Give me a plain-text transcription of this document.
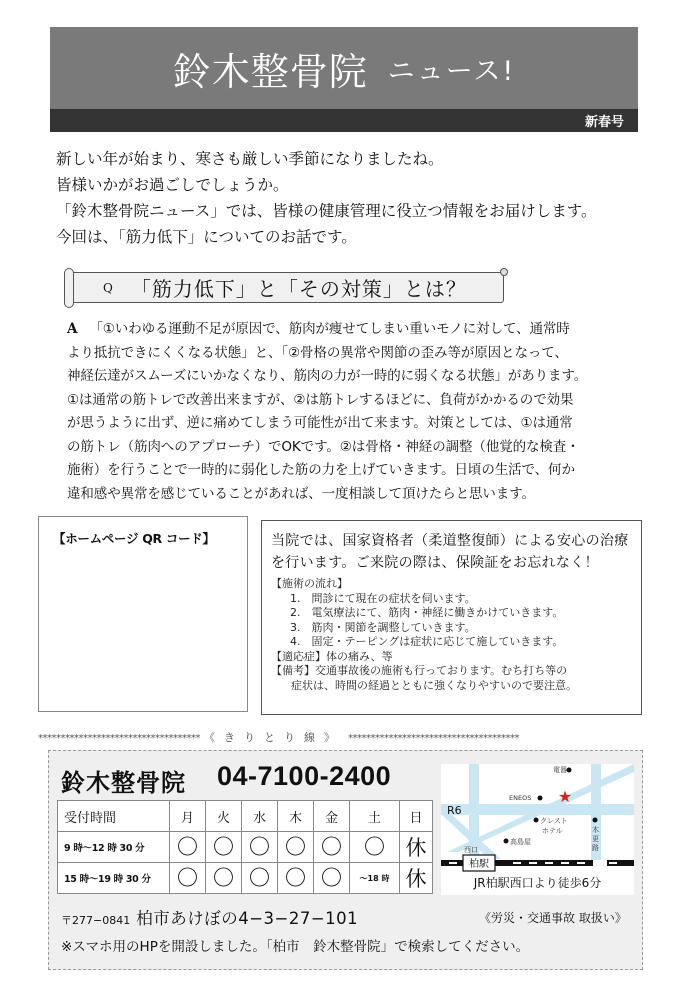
鈴木整骨院 ニュース!
新春号

新しい年が始まり、寒さも厳しい季節になりましたね。

皆様いかがお過ごしでしょうか。

「鈴木整骨院ニュース」では、皆様の健康管理に役立つ情報をお届けします。

今回は、「筋力低下」についてのお話です。

Q 「筋力低下」と「その対策」とは？

A 「①いわゆる運動不足が原因で、筋肉が痩せてしまい重いモノに対して、通常時

より抵抗できにくくなる状態」と、「②骨格の異常や関節の歪み等が原因となって、

神経伝達がスムーズにいかなくなり、筋肉の力が一時的に弱くなる状態」があります。

①は通常の筋トレで改善出来ますが、②は筋トレするほどに、負荷がかかるので効果

が思うように出ず、逆に痛めてしまう可能性が出て来ます。対策としては、①は通常

の筋トレ（筋肉へのアプローチ）でOKです。②は骨格・神経の調整（他覚的な検査・

施術）を行うことで一時的に弱化した筋の力を上げていきます。日頃の生活で、何か

違和感や異常を感じていることがあれば、一度相談して頂けたらと思います。

【ホームページ QR コード】	当院では、国家資格者（柔道整復師）による安心の治療
を行います。ご来院の際は、保険証をお忘れなく！
【施術の流れ】
1.　問診にて現在の症状を伺います。
2.　電気療法にて、筋肉・神経に働きかけていきます。
3.　筋肉・関節を調整していきます。
4.　固定・テーピングは症状に応じて施していきます。
【適応症】体の痛み、等
【備考】交通事故後の施術も行っております。むち打ち等の
症状は、時間の経過とともに強くなりやすいので要注意。
************************************ 《きりとり線》 **************************************
鈴木整骨院 04-7100-2400
受付時間	月	火	水	木	金	土	日
9 時～12 時 30 分	〇	〇	〇	〇	〇	〇	休
15 時～19 時 30 分	〇	〇	〇	〇	〇	～18 時	休
柏駅
R6
電器
ENEOS ★
クレスト
ホテル	木
更
路
高島屋
西口
JR柏駅西口より徒歩6分
〒277−0841 柏市あけぼの4−3−27−101	《労災・交通事故 取扱い》
※スマホ用のHPを開設しました。「柏市　鈴木整骨院」で検索してください。
